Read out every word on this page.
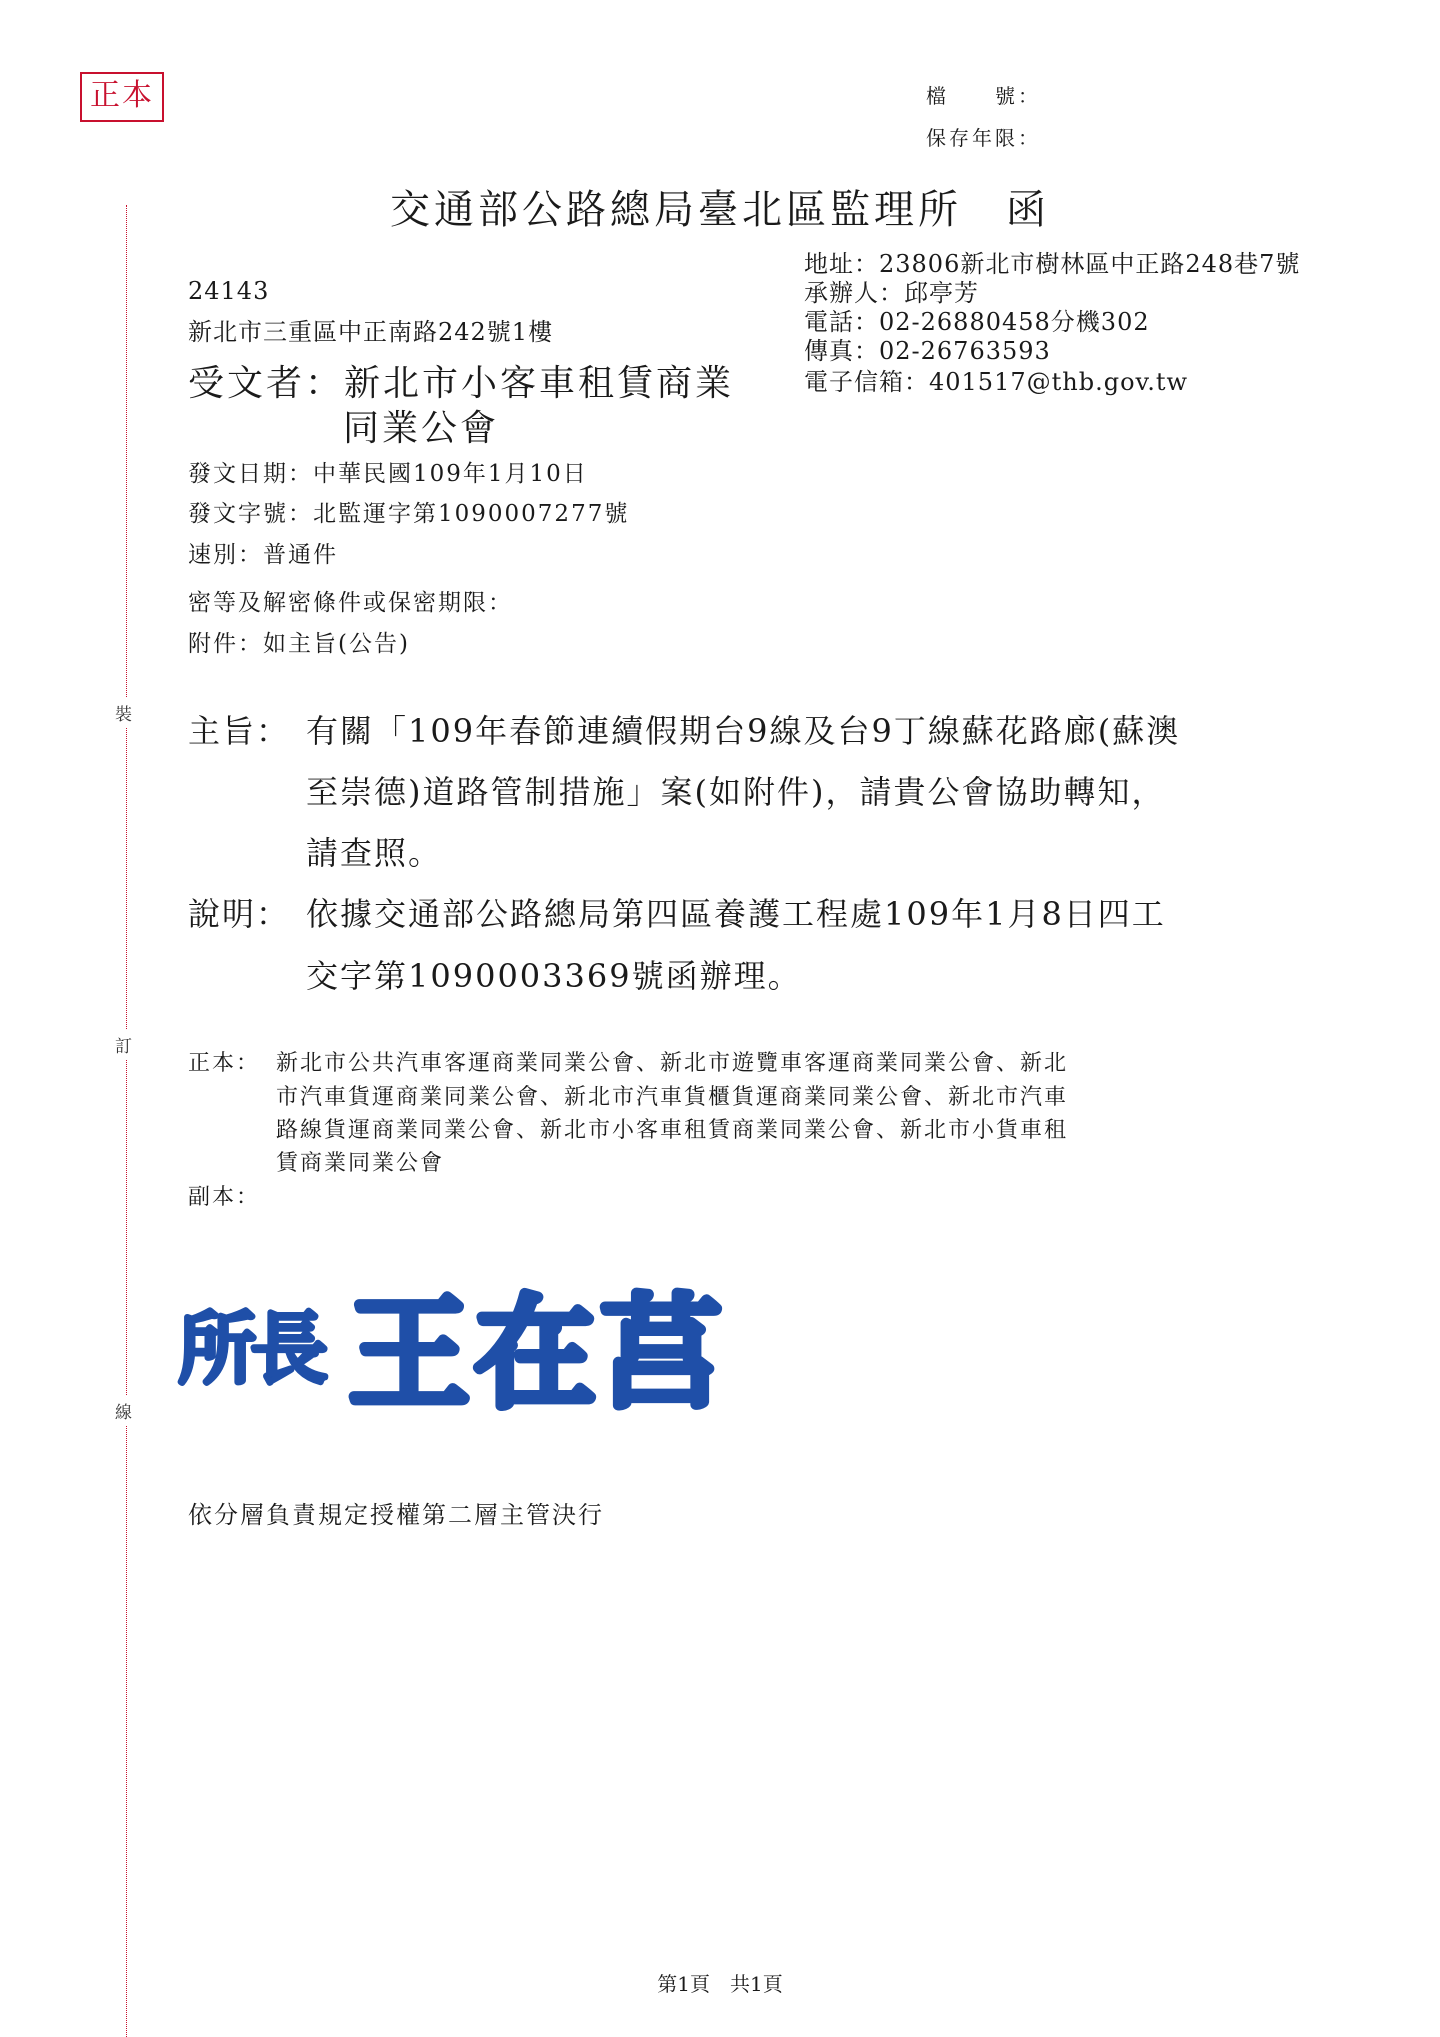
正本	檔　　號：
保存年限：
交通部公路總局臺北區監理所　函
地址：23806新北市樹林區中正路248巷7號
承辦人：邱亭芳
電話：02-26880458分機302
傳真：02-26763593
電子信箱：401517@thb.gov.tw
24143
新北市三重區中正南路242號1樓
受文者：新北市小客車租賃商業
同業公會
發文日期：中華民國109年1月10日
發文字號：北監運字第1090007277號
速別：普通件
密等及解密條件或保密期限：
附件：如主旨(公告)
主旨： 有關「109年春節連續假期台9線及台9丁線蘇花路廊(蘇澳
至崇德)道路管制措施」案(如附件)，請貴公會協助轉知，
請查照。
說明： 依據交通部公路總局第四區養護工程處109年1月8日四工
交字第1090003369號函辦理。
正本： 新北市公共汽車客運商業同業公會、新北市遊覽車客運商業同業公會、新北
市汽車貨運商業同業公會、新北市汽車貨櫃貨運商業同業公會、新北市汽車
路線貨運商業同業公會、新北市小客車租賃商業同業公會、新北市小貨車租
賃商業同業公會
副本：
裝
訂
線
所長 王在莒
依分層負責規定授權第二層主管決行
第1頁　共1頁
